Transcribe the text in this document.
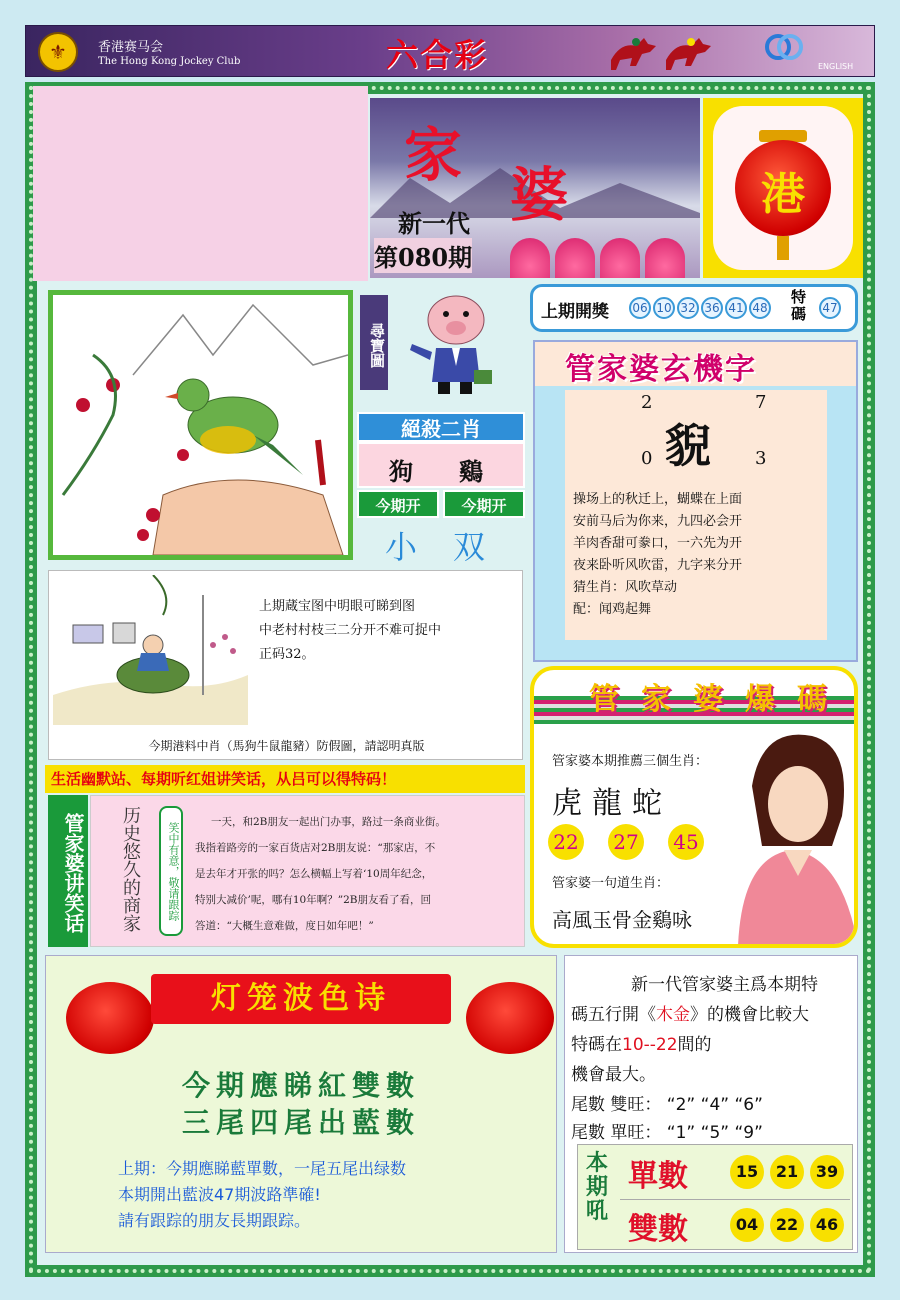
⚜	香港赛马会
The Hong Kong Jockey Club	六合彩	ENGLISH
家
婆
新一代
第080期
港
尋寶圖
絕殺二肖
狗 鷄
今期开	今期开
小双
上期開獎 06 10 32 36 41 48
特碼 47
管家婆玄機字
2	7
貎
0	3
操场上的秋迁上，蝴蝶在上面
安前马后为你来，九四必会开
羊肉香甜可豢口，一六先为开
夜来卧听风吹雷，九字来分开
猜生肖：风吹草动
配：闻鸡起舞
上期蔵宝图中明眼可睇到图
中老村村枝三二分开不难可捉中
正码32。
今期港料中肖（馬狗牛鼠龍豬）防假圖，請認明真版
生活幽默站、每期听红姐讲笑话，从吕可以得特码！
管家婆讲笑话 历史悠久的商家	笑中有意，敬请跟踪	一天，和2B朋友一起出门办事，路过一条商业街。
我指着路旁的一家百货店对2B朋友说：“那家店，不
是去年才开张的吗？怎么横幅上写着‘10周年纪念，
特别大减价’呢，哪有10年啊？”2B朋友看了看，回
答道：“大概生意难做，度日如年吧！”
管 家 婆 爆 碼
管家婆本期推薦三個生肖：
虎龍蛇
22 27 45
管家婆一句道生肖：
高風玉骨金鷄咏
灯笼波色诗
今期應睇紅雙數
三尾四尾出藍數
上期：今期應睇藍單數，一尾五尾出绿数
本期開出藍波47期波路準確!
請有跟踪的朋友長期跟踪。
新一代管家婆主爲本期特
碼五行開《木金》的機會比較大
特碼在10--22間的
機會最大。
尾數 雙旺： “2” “4” “6”
尾數 單旺： “1” “5” “9”
本期吼
單數	15	21	39
雙數	04	22	46
